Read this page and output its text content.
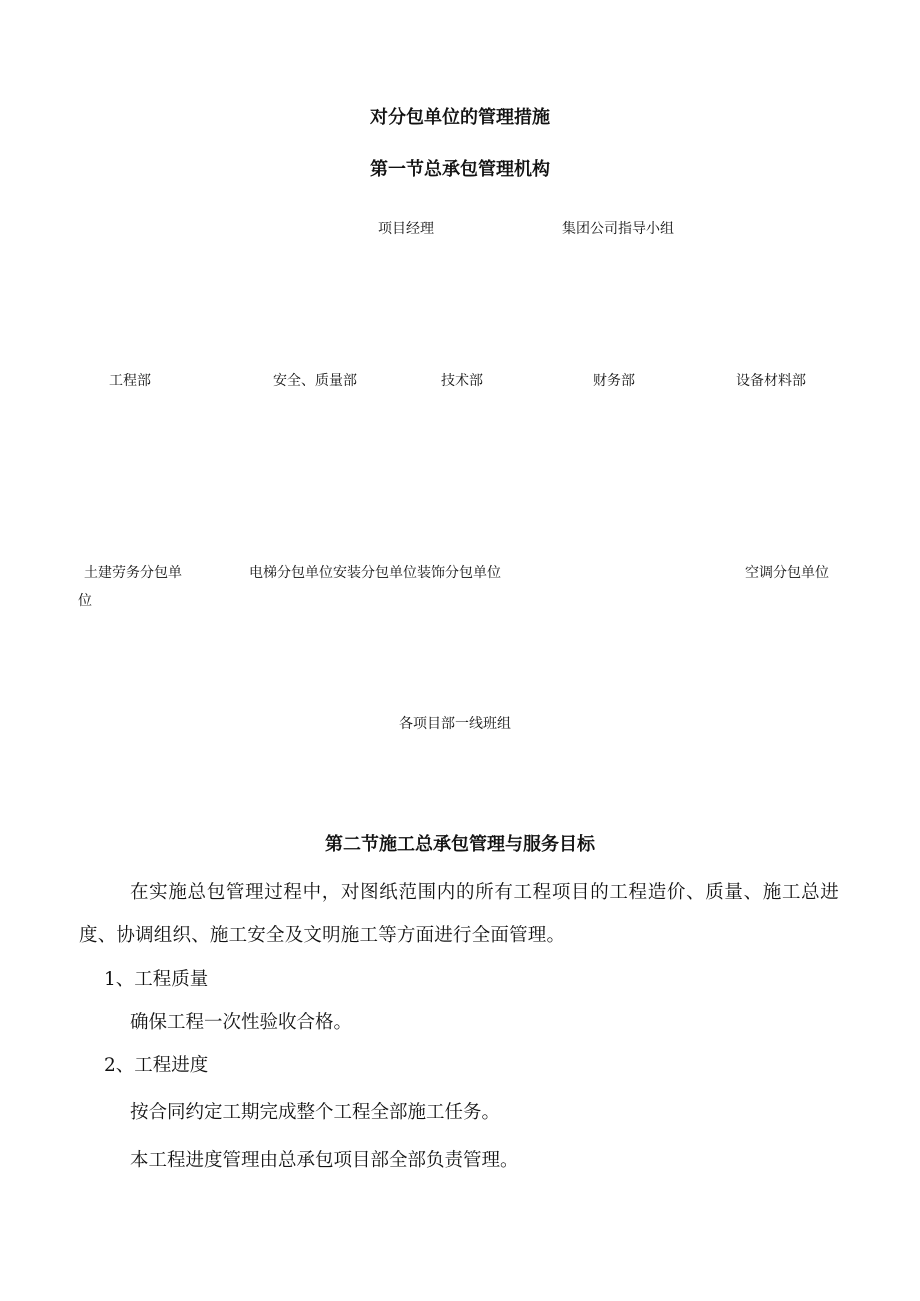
对分包单位的管理措施
第一节总承包管理机构
项目经理	集团公司指导小组
工程部	安全、质量部	技术部	财务部	设备材料部
土建劳务分包单位
电梯分包单位安装分包单位装饰分包单位	空调分包单位
各项目部一线班组
第二节施工总承包管理与服务目标
在实施总包管理过程中，对图纸范围内的所有工程项目的工程造价、质量、施工总进度、协调组织、施工安全及文明施工等方面进行全面管理。
1、工程质量
确保工程一次性验收合格。
2、工程进度
按合同约定工期完成整个工程全部施工任务。
本工程进度管理由总承包项目部全部负责管理。
